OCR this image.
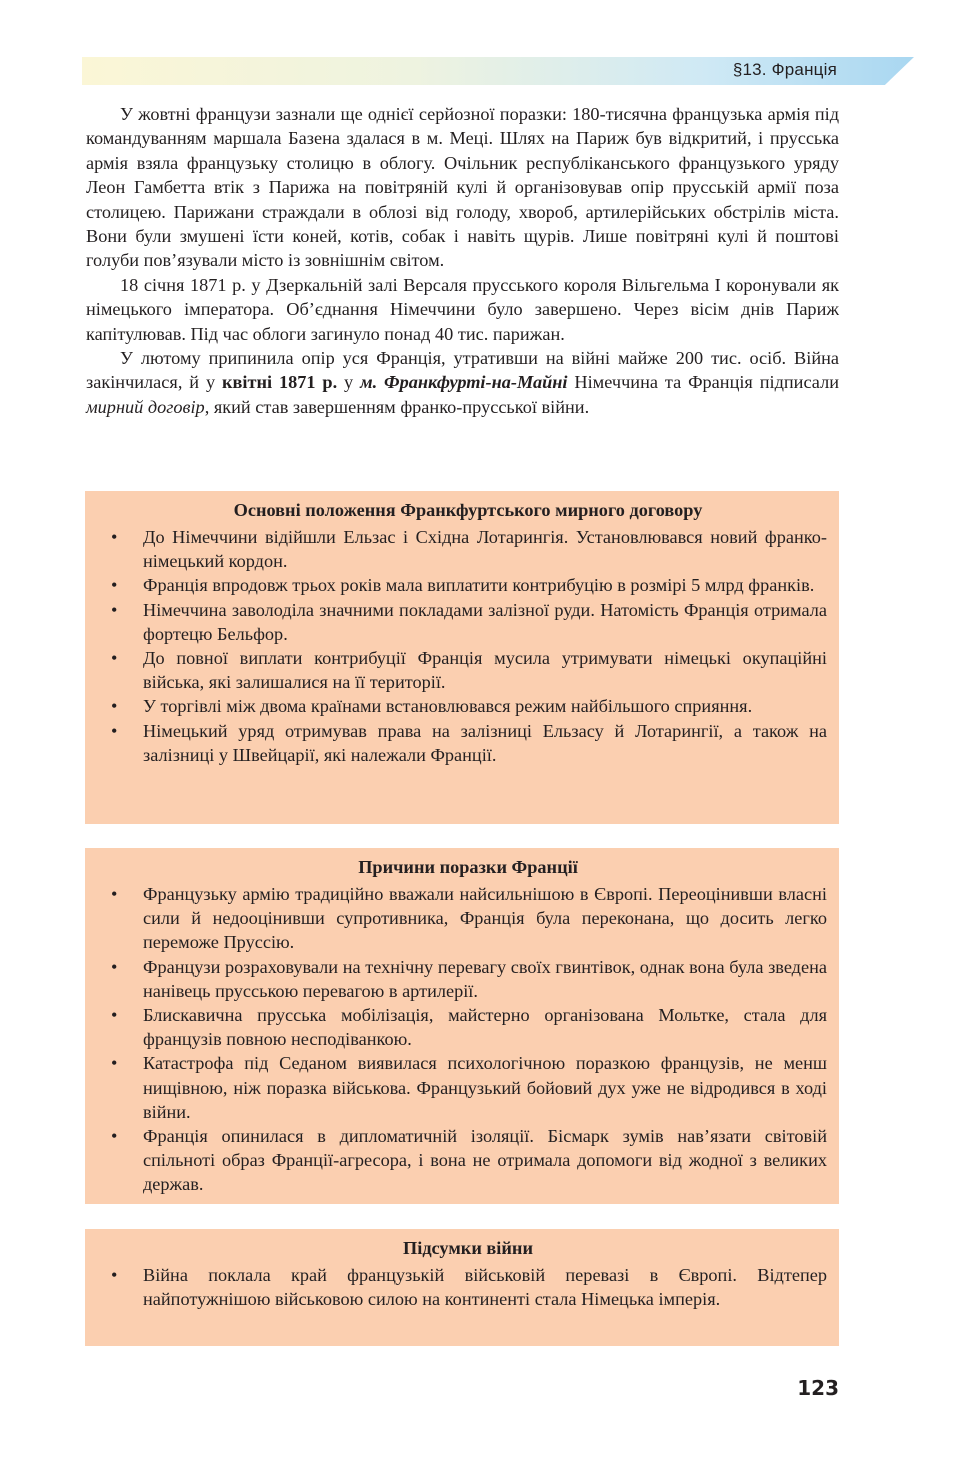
§13. Франція

У жовтні французи зазнали ще однієї серйозної поразки: 180-тисячна французька армія під командуванням маршала Базена здалася в м. Меці. Шлях на Париж був відкритий, і прусська армія взяла французьку столицю в облогу. Очільник республіканського французького уряду Леон Гамбетта втік з Парижа на повітряній кулі й організовував опір прусській армії поза столицею. Парижани страждали в облозі від голоду, хвороб, артилерійських обстрілів міста. Вони були змушені їсти коней, котів, собак і навіть щурів. Лише повітряні кулі й поштові голуби пов’язували місто із зовнішнім світом.

18 січня 1871 р. у Дзеркальній залі Версаля прусського короля Вільгельма I коронували як німецького імператора. Об’єднання Німеччини було завершено. Через вісім днів Париж капітулював. Під час облоги загинуло понад 40 тис. парижан.

У лютому припинила опір уся Франція, утративши на війні майже 200 тис. осіб. Війна закінчилася, й у квітні 1871 р. у м. Франкфурті-на-Майні Німеччина та Франція підписали мирний договір, який став завершенням франко-прусської війни.

Основні положення Франкфуртського мирного договору
• До Німеччини відійшли Ельзас і Східна Лотарингія. Установлювався новий франко-німецький кордон.
• Франція впродовж трьох років мала виплатити контрибуцію в розмірі 5 млрд франків.
• Німеччина заволоділа значними покладами залізної руди. Натомість Франція отримала фортецю Бельфор.
• До повної виплати контрибуції Франція мусила утримувати німецькі окупаційні війська, які залишалися на її території.
• У торгівлі між двома країнами встановлювався режим найбільшого сприяння.
• Німецький уряд отримував права на залізниці Ельзасу й Лотарингії, а також на залізниці у Швейцарії, які належали Франції.
Причини поразки Франції
• Французьку армію традиційно вважали найсильнішою в Європі. Переоцінивши власні сили й недооцінивши супротивника, Франція була переконана, що досить легко переможе Пруссію.
• Французи розраховували на технічну перевагу своїх гвинтівок, однак вона була зведена нанівець прусською перевагою в артилерії.
• Блискавична прусська мобілізація, майстерно організована Мольтке, стала для французів повною несподіванкою.
• Катастрофа під Седаном виявилася психологічною поразкою французів, не менш нищівною, ніж поразка військова. Французький бойовий дух уже не відродився в ході війни.
• Франція опинилася в дипломатичній ізоляції. Бісмарк зумів нав’язати світовій спільноті образ Франції-агресора, і вона не отримала допомоги від жодної з великих держав.
Підсумки війни
• Війна поклала край французькій військовій перевазі в Європі. Відтепер найпотужнішою військовою силою на континенті стала Німецька імперія.
123
